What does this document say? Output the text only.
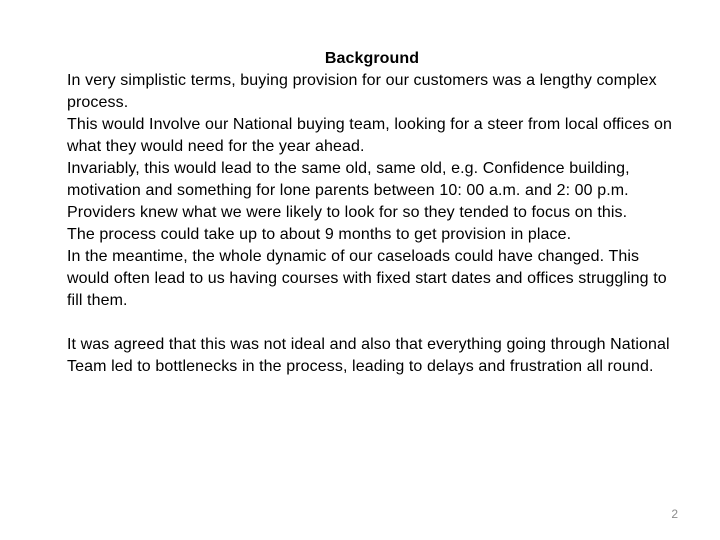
Background
In very simplistic terms, buying provision for our customers was a lengthy complex process.
This would Involve our National buying team, looking for a steer from local offices on what they would need for the year ahead.
Invariably, this would lead to the same old, same old, e.g. Confidence building, motivation and something for lone parents between 10: 00 a.m. and 2: 00 p.m. Providers knew what we were likely to look for so they tended to focus on this.
The process could take up to about 9 months to get provision in place.
In the meantime, the whole dynamic of our caseloads could have changed. This would often lead to us having courses with fixed start dates and offices struggling to fill them.
It was agreed that this was not ideal and also that everything going through National Team led to bottlenecks in the process, leading to delays and frustration all round.
2
